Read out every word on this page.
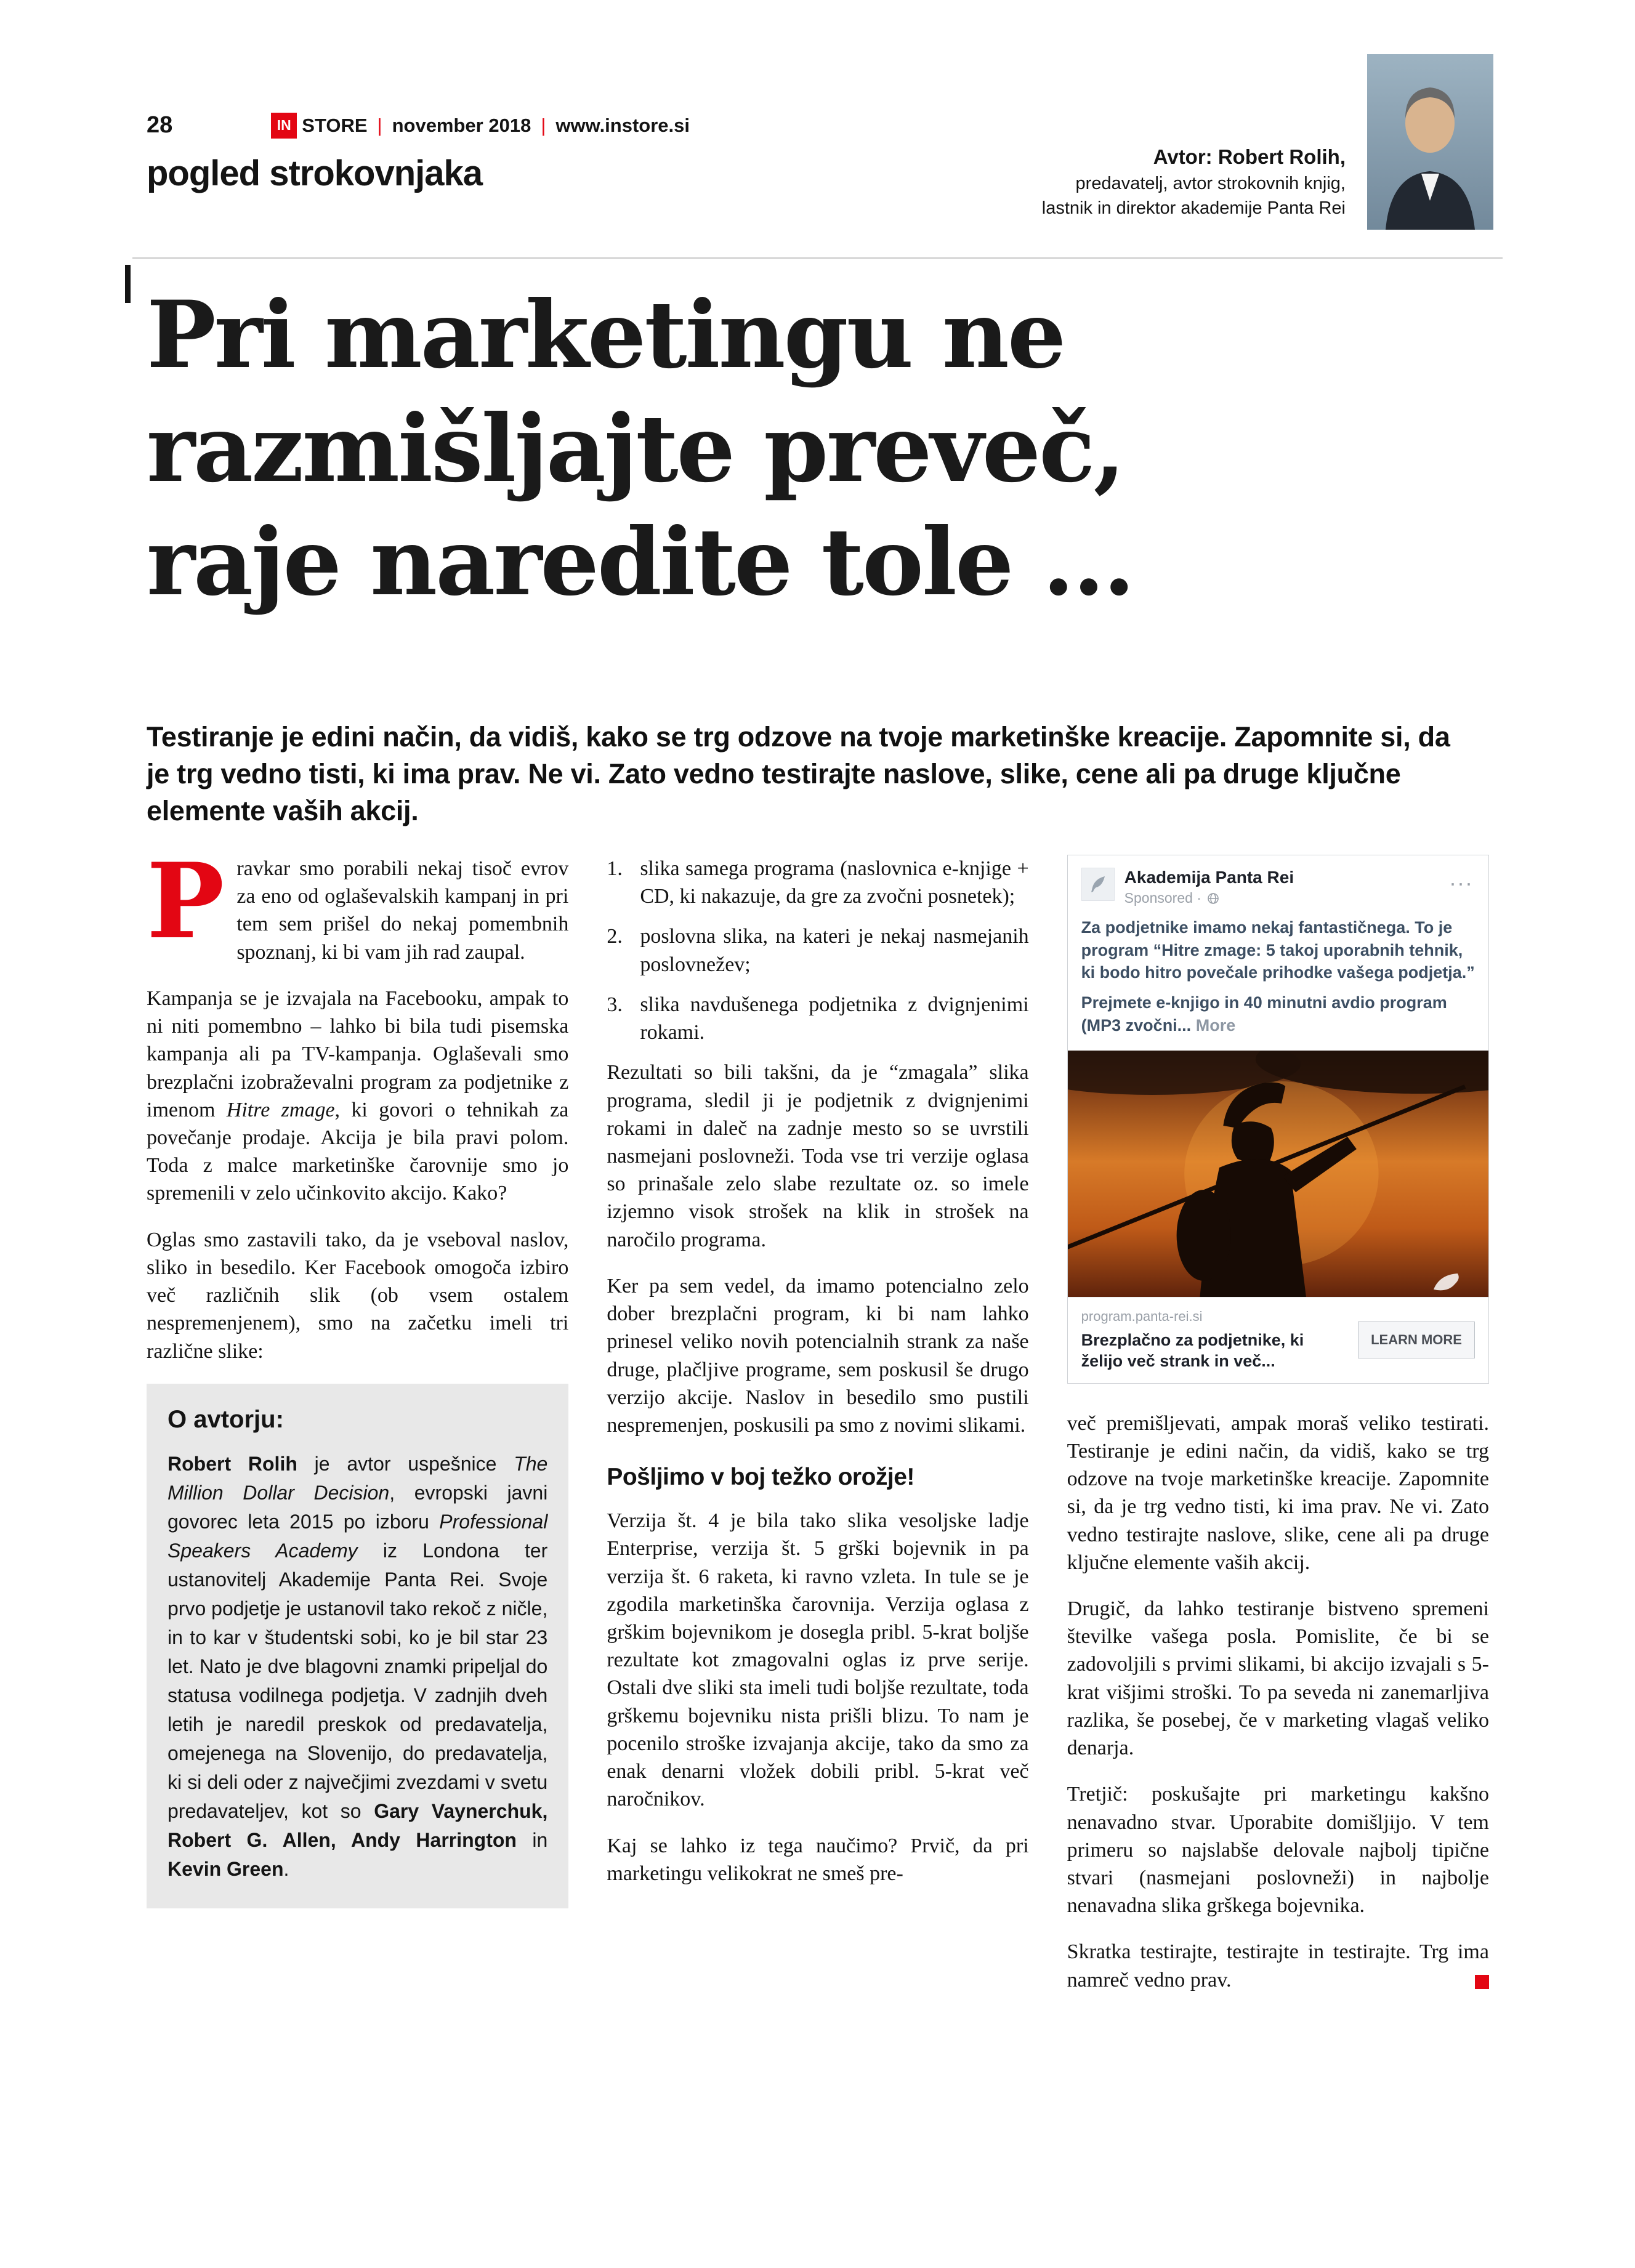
28	IN STORE | november 2018 | www.instore.si
pogled strokovnjaka	Avtor: Robert Rolih,
predavatelj, avtor strokovnih knjig,
lastnik in direktor akademije Panta Rei
Pri marketingu ne
razmišljajte preveč,
raje naredite tole ...

Testiranje je edini način, da vidiš, kako se trg odzove na tvoje marketinške kreacije. Zapomnite si, da je trg vedno tisti, ki ima prav. Ne vi. Zato vedno testirajte naslove, slike, cene ali pa druge ključne elemente vaših akcij.

P ravkar smo porabili nekaj tisoč evrov za eno od oglaševalskih kampanj in pri tem sem prišel do nekaj pomembnih spoznanj, ki bi vam jih rad zaupal.

Kampanja se je izvajala na Facebooku, ampak to ni niti pomembno – lahko bi bila tudi pisemska kampanja ali pa TV-kampanja. Oglaševali smo brezplačni izobraževalni program za podjetnike z imenom Hitre zmage, ki govori o tehnikah za povečanje prodaje. Akcija je bila pravi polom. Toda z malce marketinške čarovnije smo jo spremenili v zelo učinkovito akcijo. Kako?

Oglas smo zastavili tako, da je vseboval naslov, sliko in besedilo. Ker Facebook omogoča izbiro več različnih slik (ob vsem ostalem nespremenjenem), smo na začetku imeli tri različne slike:

O avtorju:

Robert Rolih je avtor uspešnice The Million Dollar Decision, evropski javni govorec leta 2015 po izboru Professional Speakers Academy iz Londona ter ustanovitelj Akademije Panta Rei. Svoje prvo podjetje je ustanovil tako rekoč z ničle, in to kar v študentski sobi, ko je bil star 23 let. Nato je dve blagovni znamki pripeljal do statusa vodilnega podjetja. V zadnjih dveh letih je naredil preskok od predavatelja, omejenega na Slovenijo, do predavatelja, ki si deli oder z največjimi zvezdami v svetu predavateljev, kot so Gary Vaynerchuk, Robert G. Allen, Andy Harrington in Kevin Green.

1. slika samega programa (naslovnica e-knjige + CD, ki nakazuje, da gre za zvočni posnetek);
2. poslovna slika, na kateri je nekaj nasmejanih poslovnežev;
3. slika navdušenega podjetnika z dvignjenimi rokami.

Rezultati so bili takšni, da je “zmagala” slika programa, sledil ji je podjetnik z dvignjenimi rokami in daleč na zadnje mesto so se uvrstili nasmejani poslovneži. Toda vse tri verzije oglasa so prinašale zelo slabe rezultate oz. so imele izjemno visok strošek na klik in strošek na naročilo programa.

Ker pa sem vedel, da imamo potencialno zelo dober brezplačni program, ki bi nam lahko prinesel veliko novih potencialnih strank za naše druge, plačljive programe, sem poskusil še drugo verzijo akcije. Naslov in besedilo smo pustili nespremenjen, poskusili pa smo z novimi slikami.

Pošljimo v boj težko orožje!

Verzija št. 4 je bila tako slika vesoljske ladje Enterprise, verzija št. 5 grški bojevnik in pa verzija št. 6 raketa, ki ravno vzleta. In tule se je zgodila marketinška čarovnija. Verzija oglasa z grškim bojevnikom je dosegla pribl. 5-krat boljše rezultate kot zmagovalni oglas iz prve serije. Ostali dve sliki sta imeli tudi boljše rezultate, toda grškemu bojevniku nista prišli blizu. To nam je pocenilo stroške izvajanja akcije, tako da smo za enak denarni vložek dobili pribl. 5-krat več naročnikov.

Kaj se lahko iz tega naučimo? Prvič, da pri marketingu velikokrat ne smeš pre-

Akademija Panta Rei
Sponsored ·
...

Za podjetnike imamo nekaj fantastičnega. To je program “Hitre zmage: 5 takoj uporabnih tehnik, ki bodo hitro povečale prihodke vašega podjetja.”

Prejmete e-knjigo in 40 minutni avdio program (MP3 zvočni... More

program.panta-rei.si
Brezplačno za podjetnike, ki želijo več strank in več...
LEARN MORE

več premišljevati, ampak moraš veliko testirati. Testiranje je edini način, da vidiš, kako se trg odzove na tvoje marketinške kreacije. Zapomnite si, da je trg vedno tisti, ki ima prav. Ne vi. Zato vedno testirajte naslove, slike, cene ali pa druge ključne elemente vaših akcij.

Drugič, da lahko testiranje bistveno spremeni številke vašega posla. Pomislite, če bi se zadovoljili s prvimi slikami, bi akcijo izvajali s 5-krat višjimi stroški. To pa seveda ni zanemarljiva razlika, še posebej, če v marketing vlagaš veliko denarja.

Tretjič: poskušajte pri marketingu kakšno nenavadno stvar. Uporabite domišljijo. V tem primeru so najslabše delovale najbolj tipične stvari (nasmejani poslovneži) in najbolje nenavadna slika grškega bojevnika.

Skratka testirajte, testirajte in testirajte. Trg ima namreč vedno prav.
